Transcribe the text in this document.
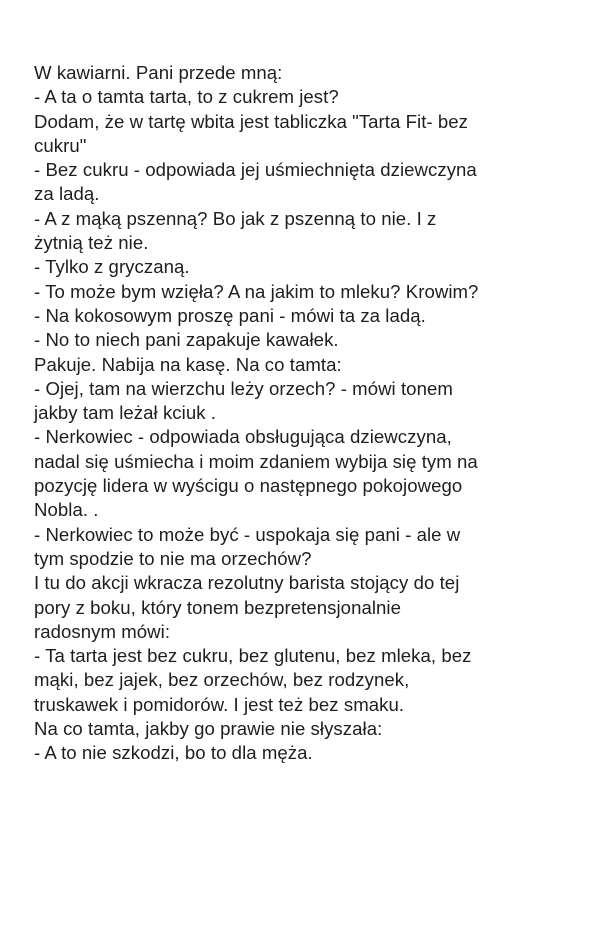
W kawiarni. Pani przede mną:
- A ta o tamta tarta, to z cukrem jest?
Dodam, że w tartę wbita jest tabliczka "Tarta Fit- bez
cukru"
- Bez cukru - odpowiada jej uśmiechnięta dziewczyna
za ladą.
- A z mąką pszenną? Bo jak z pszenną to nie. I z
żytnią też nie.
- Tylko z gryczaną.
- To może bym wzięła? A na jakim to mleku? Krowim?
- Na kokosowym proszę pani - mówi ta za ladą.
- No to niech pani zapakuje kawałek.
Pakuje. Nabija na kasę. Na co tamta:
- Ojej, tam na wierzchu leży orzech? - mówi tonem
jakby tam leżał kciuk .
- Nerkowiec - odpowiada obsługująca dziewczyna,
nadal się uśmiecha i moim zdaniem wybija się tym na
pozycję lidera w wyścigu o następnego pokojowego
Nobla. .
- Nerkowiec to może być - uspokaja się pani - ale w
tym spodzie to nie ma orzechów?
I tu do akcji wkracza rezolutny barista stojący do tej
pory z boku, który tonem bezpretensjonalnie
radosnym mówi:
- Ta tarta jest bez cukru, bez glutenu, bez mleka, bez
mąki, bez jajek, bez orzechów, bez rodzynek,
truskawek i pomidorów. I jest też bez smaku.
Na co tamta, jakby go prawie nie słyszała:
- A to nie szkodzi, bo to dla męża.
